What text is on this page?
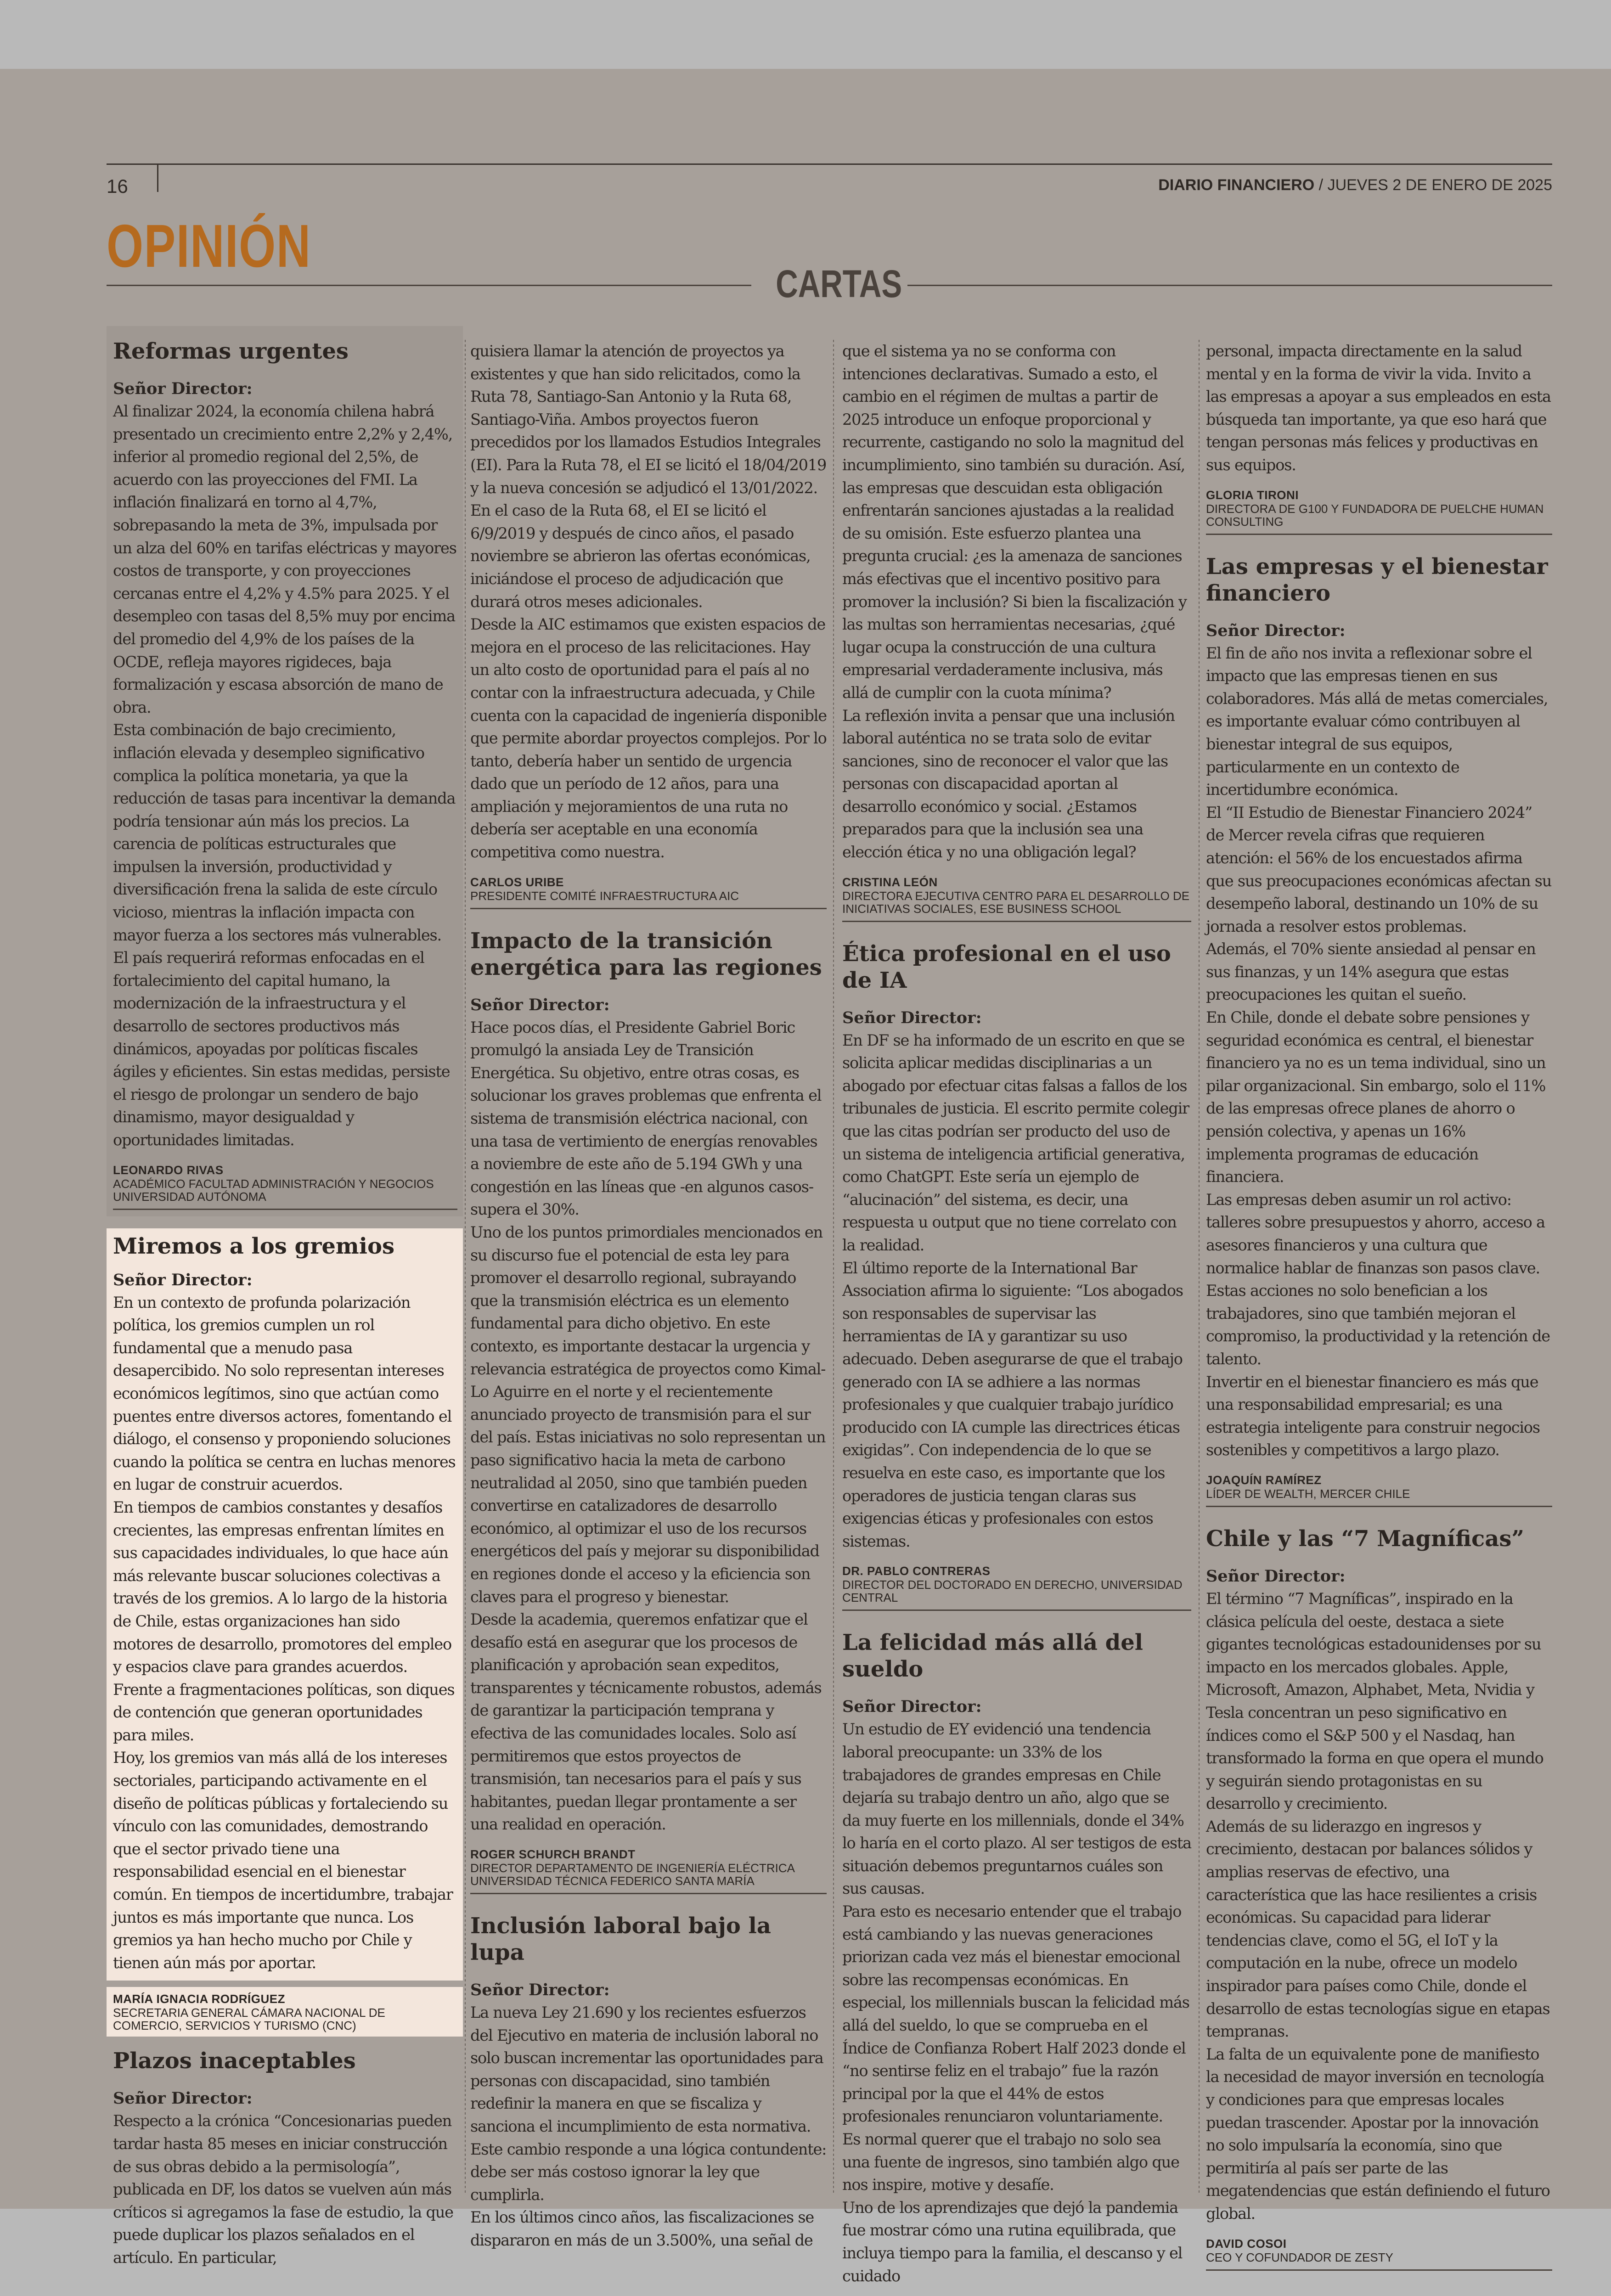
16	DIARIO FINANCIERO / JUEVES 2 DE ENERO DE 2025
OPINIÓN
CARTAS
Reformas urgentes

Señor Director:

Al finalizar 2024, la economía chilena habrá presentado un crecimiento entre 2,2% y 2,4%, inferior al promedio regional del 2,5%, de acuerdo con las proyecciones del FMI. La inflación finalizará en torno al 4,7%, sobrepasando la meta de 3%, impulsada por un alza del 60% en tarifas eléctricas y mayores costos de transporte, y con proyecciones cercanas entre el 4,2% y 4.5% para 2025. Y el desempleo con tasas del 8,5% muy por encima del promedio del 4,9% de los países de la OCDE, refleja mayores rigideces, baja formalización y escasa absorción de mano de obra.

Esta combinación de bajo crecimiento, inflación elevada y desempleo significativo complica la política monetaria, ya que la reducción de tasas para incentivar la demanda podría tensionar aún más los precios. La carencia de políticas estructurales que impulsen la inversión, productividad y diversificación frena la salida de este círculo vicioso, mientras la inflación impacta con mayor fuerza a los sectores más vulnerables.

El país requerirá reformas enfocadas en el fortalecimiento del capital humano, la modernización de la infraestructura y el desarrollo de sectores productivos más dinámicos, apoyadas por políticas fiscales ágiles y eficientes. Sin estas medidas, persiste el riesgo de prolongar un sendero de bajo dinamismo, mayor desigualdad y oportunidades limitadas.

LEONARDO RIVAS
ACADÉMICO FACULTAD ADMINISTRACIÓN Y NEGOCIOS UNIVERSIDAD AUTÓNOMA
Miremos a los gremios

Señor Director:

En un contexto de profunda polarización política, los gremios cumplen un rol fundamental que a menudo pasa desapercibido. No solo representan intereses económicos legítimos, sino que actúan como puentes entre diversos actores, fomentando el diálogo, el consenso y proponiendo soluciones cuando la política se centra en luchas menores en lugar de construir acuerdos.

En tiempos de cambios constantes y desafíos crecientes, las empresas enfrentan límites en sus capacidades individuales, lo que hace aún más relevante buscar soluciones colectivas a través de los gremios. A lo largo de la historia de Chile, estas organizaciones han sido motores de desarrollo, promotores del empleo y espacios clave para grandes acuerdos. Frente a fragmentaciones políticas, son diques de contención que generan oportunidades para miles.

Hoy, los gremios van más allá de los intereses sectoriales, participando activamente en el diseño de políticas públicas y fortaleciendo su vínculo con las comunidades, demostrando que el sector privado tiene una responsabilidad esencial en el bienestar común. En tiempos de incertidumbre, trabajar juntos es más importante que nunca. Los gremios ya han hecho mucho por Chile y tienen aún más por aportar.

MARÍA IGNACIA RODRÍGUEZ
SECRETARIA GENERAL CÁMARA NACIONAL DE COMERCIO, SERVICIOS Y TURISMO (CNC)
Plazos inaceptables

Señor Director:

Respecto a la crónica “Concesionarias pueden tardar hasta 85 meses en iniciar construcción de sus obras debido a la permisología”, publicada en DF, los datos se vuelven aún más críticos si agregamos la fase de estudio, la que puede duplicar los plazos señalados en el artículo. En particular,

quisiera llamar la atención de proyectos ya existentes y que han sido relicitados, como la Ruta 78, Santiago-San Antonio y la Ruta 68, Santiago-Viña. Ambos proyectos fueron precedidos por los llamados Estudios Integrales (EI). Para la Ruta 78, el EI se licitó el 18/04/2019 y la nueva concesión se adjudicó el 13/01/2022. En el caso de la Ruta 68, el EI se licitó el 6/9/2019 y después de cinco años, el pasado noviembre se abrieron las ofertas económicas, iniciándose el proceso de adjudicación que durará otros meses adicionales.

Desde la AIC estimamos que existen espacios de mejora en el proceso de las relicitaciones. Hay un alto costo de oportunidad para el país al no contar con la infraestructura adecuada, y Chile cuenta con la capacidad de ingeniería disponible que permite abordar proyectos complejos. Por lo tanto, debería haber un sentido de urgencia dado que un período de 12 años, para una ampliación y mejoramientos de una ruta no debería ser aceptable en una economía competitiva como nuestra.

CARLOS URIBE
PRESIDENTE COMITÉ INFRAESTRUCTURA AIC
Impacto de la transición energética para las regiones

Señor Director:

Hace pocos días, el Presidente Gabriel Boric promulgó la ansiada Ley de Transición Energética. Su objetivo, entre otras cosas, es solucionar los graves problemas que enfrenta el sistema de transmisión eléctrica nacional, con una tasa de vertimiento de energías renovables a noviembre de este año de 5.194 GWh y una congestión en las líneas que -en algunos casos- supera el 30%.

Uno de los puntos primordiales mencionados en su discurso fue el potencial de esta ley para promover el desarrollo regional, subrayando que la transmisión eléctrica es un elemento fundamental para dicho objetivo. En este contexto, es importante destacar la urgencia y relevancia estratégica de proyectos como Kimal-Lo Aguirre en el norte y el recientemente anunciado proyecto de transmisión para el sur del país. Estas iniciativas no solo representan un paso significativo hacia la meta de carbono neutralidad al 2050, sino que también pueden convertirse en catalizadores de desarrollo económico, al optimizar el uso de los recursos energéticos del país y mejorar su disponibilidad en regiones donde el acceso y la eficiencia son claves para el progreso y bienestar.

Desde la academia, queremos enfatizar que el desafío está en asegurar que los procesos de planificación y aprobación sean expeditos, transparentes y técnicamente robustos, además de garantizar la participación temprana y efectiva de las comunidades locales. Solo así permitiremos que estos proyectos de transmisión, tan necesarios para el país y sus habitantes, puedan llegar prontamente a ser una realidad en operación.

ROGER SCHURCH BRANDT
DIRECTOR DEPARTAMENTO DE INGENIERÍA ELÉCTRICA UNIVERSIDAD TÉCNICA FEDERICO SANTA MARÍA
Inclusión laboral bajo la lupa

Señor Director:

La nueva Ley 21.690 y los recientes esfuerzos del Ejecutivo en materia de inclusión laboral no solo buscan incrementar las oportunidades para personas con discapacidad, sino también redefinir la manera en que se fiscaliza y sanciona el incumplimiento de esta normativa. Este cambio responde a una lógica contundente: debe ser más costoso ignorar la ley que cumplirla.

En los últimos cinco años, las fiscalizaciones se dispararon en más de un 3.500%, una señal de

que el sistema ya no se conforma con intenciones declarativas. Sumado a esto, el cambio en el régimen de multas a partir de 2025 introduce un enfoque proporcional y recurrente, castigando no solo la magnitud del incumplimiento, sino también su duración. Así, las empresas que descuidan esta obligación enfrentarán sanciones ajustadas a la realidad de su omisión. Este esfuerzo plantea una pregunta crucial: ¿es la amenaza de sanciones más efectivas que el incentivo positivo para promover la inclusión? Si bien la fiscalización y las multas son herramientas necesarias, ¿qué lugar ocupa la construcción de una cultura empresarial verdaderamente inclusiva, más allá de cumplir con la cuota mínima?

La reflexión invita a pensar que una inclusión laboral auténtica no se trata solo de evitar sanciones, sino de reconocer el valor que las personas con discapacidad aportan al desarrollo económico y social. ¿Estamos preparados para que la inclusión sea una elección ética y no una obligación legal?

CRISTINA LEÓN
DIRECTORA EJECUTIVA CENTRO PARA EL DESARROLLO DE INICIATIVAS SOCIALES, ESE BUSINESS SCHOOL
Ética profesional en el uso de IA

Señor Director:

En DF se ha informado de un escrito en que se solicita aplicar medidas disciplinarias a un abogado por efectuar citas falsas a fallos de los tribunales de justicia. El escrito permite colegir que las citas podrían ser producto del uso de un sistema de inteligencia artificial generativa, como ChatGPT. Este sería un ejemplo de “alucinación” del sistema, es decir, una respuesta u output que no tiene correlato con la realidad.

El último reporte de la International Bar Association afirma lo siguiente: “Los abogados son responsables de supervisar las herramientas de IA y garantizar su uso adecuado. Deben asegurarse de que el trabajo generado con IA se adhiere a las normas profesionales y que cualquier trabajo jurídico producido con IA cumple las directrices éticas exigidas”. Con independencia de lo que se resuelva en este caso, es importante que los operadores de justicia tengan claras sus exigencias éticas y profesionales con estos sistemas.

DR. PABLO CONTRERAS
DIRECTOR DEL DOCTORADO EN DERECHO, UNIVERSIDAD CENTRAL
La felicidad más allá del sueldo

Señor Director:

Un estudio de EY evidenció una tendencia laboral preocupante: un 33% de los trabajadores de grandes empresas en Chile dejaría su trabajo dentro un año, algo que se da muy fuerte en los millennials, donde el 34% lo haría en el corto plazo. Al ser testigos de esta situación debemos preguntarnos cuáles son sus causas.

Para esto es necesario entender que el trabajo está cambiando y las nuevas generaciones priorizan cada vez más el bienestar emocional sobre las recompensas económicas. En especial, los millennials buscan la felicidad más allá del sueldo, lo que se comprueba en el Índice de Confianza Robert Half 2023 donde el “no sentirse feliz en el trabajo” fue la razón principal por la que el 44% de estos profesionales renunciaron voluntariamente.

Es normal querer que el trabajo no solo sea una fuente de ingresos, sino también algo que nos inspire, motive y desafíe.

Uno de los aprendizajes que dejó la pandemia fue mostrar cómo una rutina equilibrada, que incluya tiempo para la familia, el descanso y el cuidado

personal, impacta directamente en la salud mental y en la forma de vivir la vida. Invito a las empresas a apoyar a sus empleados en esta búsqueda tan importante, ya que eso hará que tengan personas más felices y productivas en sus equipos.

GLORIA TIRONI
DIRECTORA DE G100 Y FUNDADORA DE PUELCHE HUMAN CONSULTING
Las empresas y el bienestar financiero

Señor Director:

El fin de año nos invita a reflexionar sobre el impacto que las empresas tienen en sus colaboradores. Más allá de metas comerciales, es importante evaluar cómo contribuyen al bienestar integral de sus equipos, particularmente en un contexto de incertidumbre económica.

El “II Estudio de Bienestar Financiero 2024” de Mercer revela cifras que requieren atención: el 56% de los encuestados afirma que sus preocupaciones económicas afectan su desempeño laboral, destinando un 10% de su jornada a resolver estos problemas.

Además, el 70% siente ansiedad al pensar en sus finanzas, y un 14% asegura que estas preocupaciones les quitan el sueño.

En Chile, donde el debate sobre pensiones y seguridad económica es central, el bienestar financiero ya no es un tema individual, sino un pilar organizacional. Sin embargo, solo el 11% de las empresas ofrece planes de ahorro o pensión colectiva, y apenas un 16% implementa programas de educación financiera.

Las empresas deben asumir un rol activo: talleres sobre presupuestos y ahorro, acceso a asesores financieros y una cultura que normalice hablar de finanzas son pasos clave. Estas acciones no solo benefician a los trabajadores, sino que también mejoran el compromiso, la productividad y la retención de talento.

Invertir en el bienestar financiero es más que una responsabilidad empresarial; es una estrategia inteligente para construir negocios sostenibles y competitivos a largo plazo.

JOAQUÍN RAMÍREZ
LÍDER DE WEALTH, MERCER CHILE
Chile y las “7 Magníficas”

Señor Director:

El término “7 Magníficas”, inspirado en la clásica película del oeste, destaca a siete gigantes tecnológicas estadounidenses por su impacto en los mercados globales. Apple, Microsoft, Amazon, Alphabet, Meta, Nvidia y Tesla concentran un peso significativo en índices como el S&P 500 y el Nasdaq, han transformado la forma en que opera el mundo y seguirán siendo protagonistas en su desarrollo y crecimiento.

Además de su liderazgo en ingresos y crecimiento, destacan por balances sólidos y amplias reservas de efectivo, una característica que las hace resilientes a crisis económicas. Su capacidad para liderar tendencias clave, como el 5G, el IoT y la computación en la nube, ofrece un modelo inspirador para países como Chile, donde el desarrollo de estas tecnologías sigue en etapas tempranas.

La falta de un equivalente pone de manifiesto la necesidad de mayor inversión en tecnología y condiciones para que empresas locales puedan trascender. Apostar por la innovación no solo impulsaría la economía, sino que permitiría al país ser parte de las megatendencias que están definiendo el futuro global.

DAVID COSOI
CEO Y COFUNDADOR DE ZESTY
